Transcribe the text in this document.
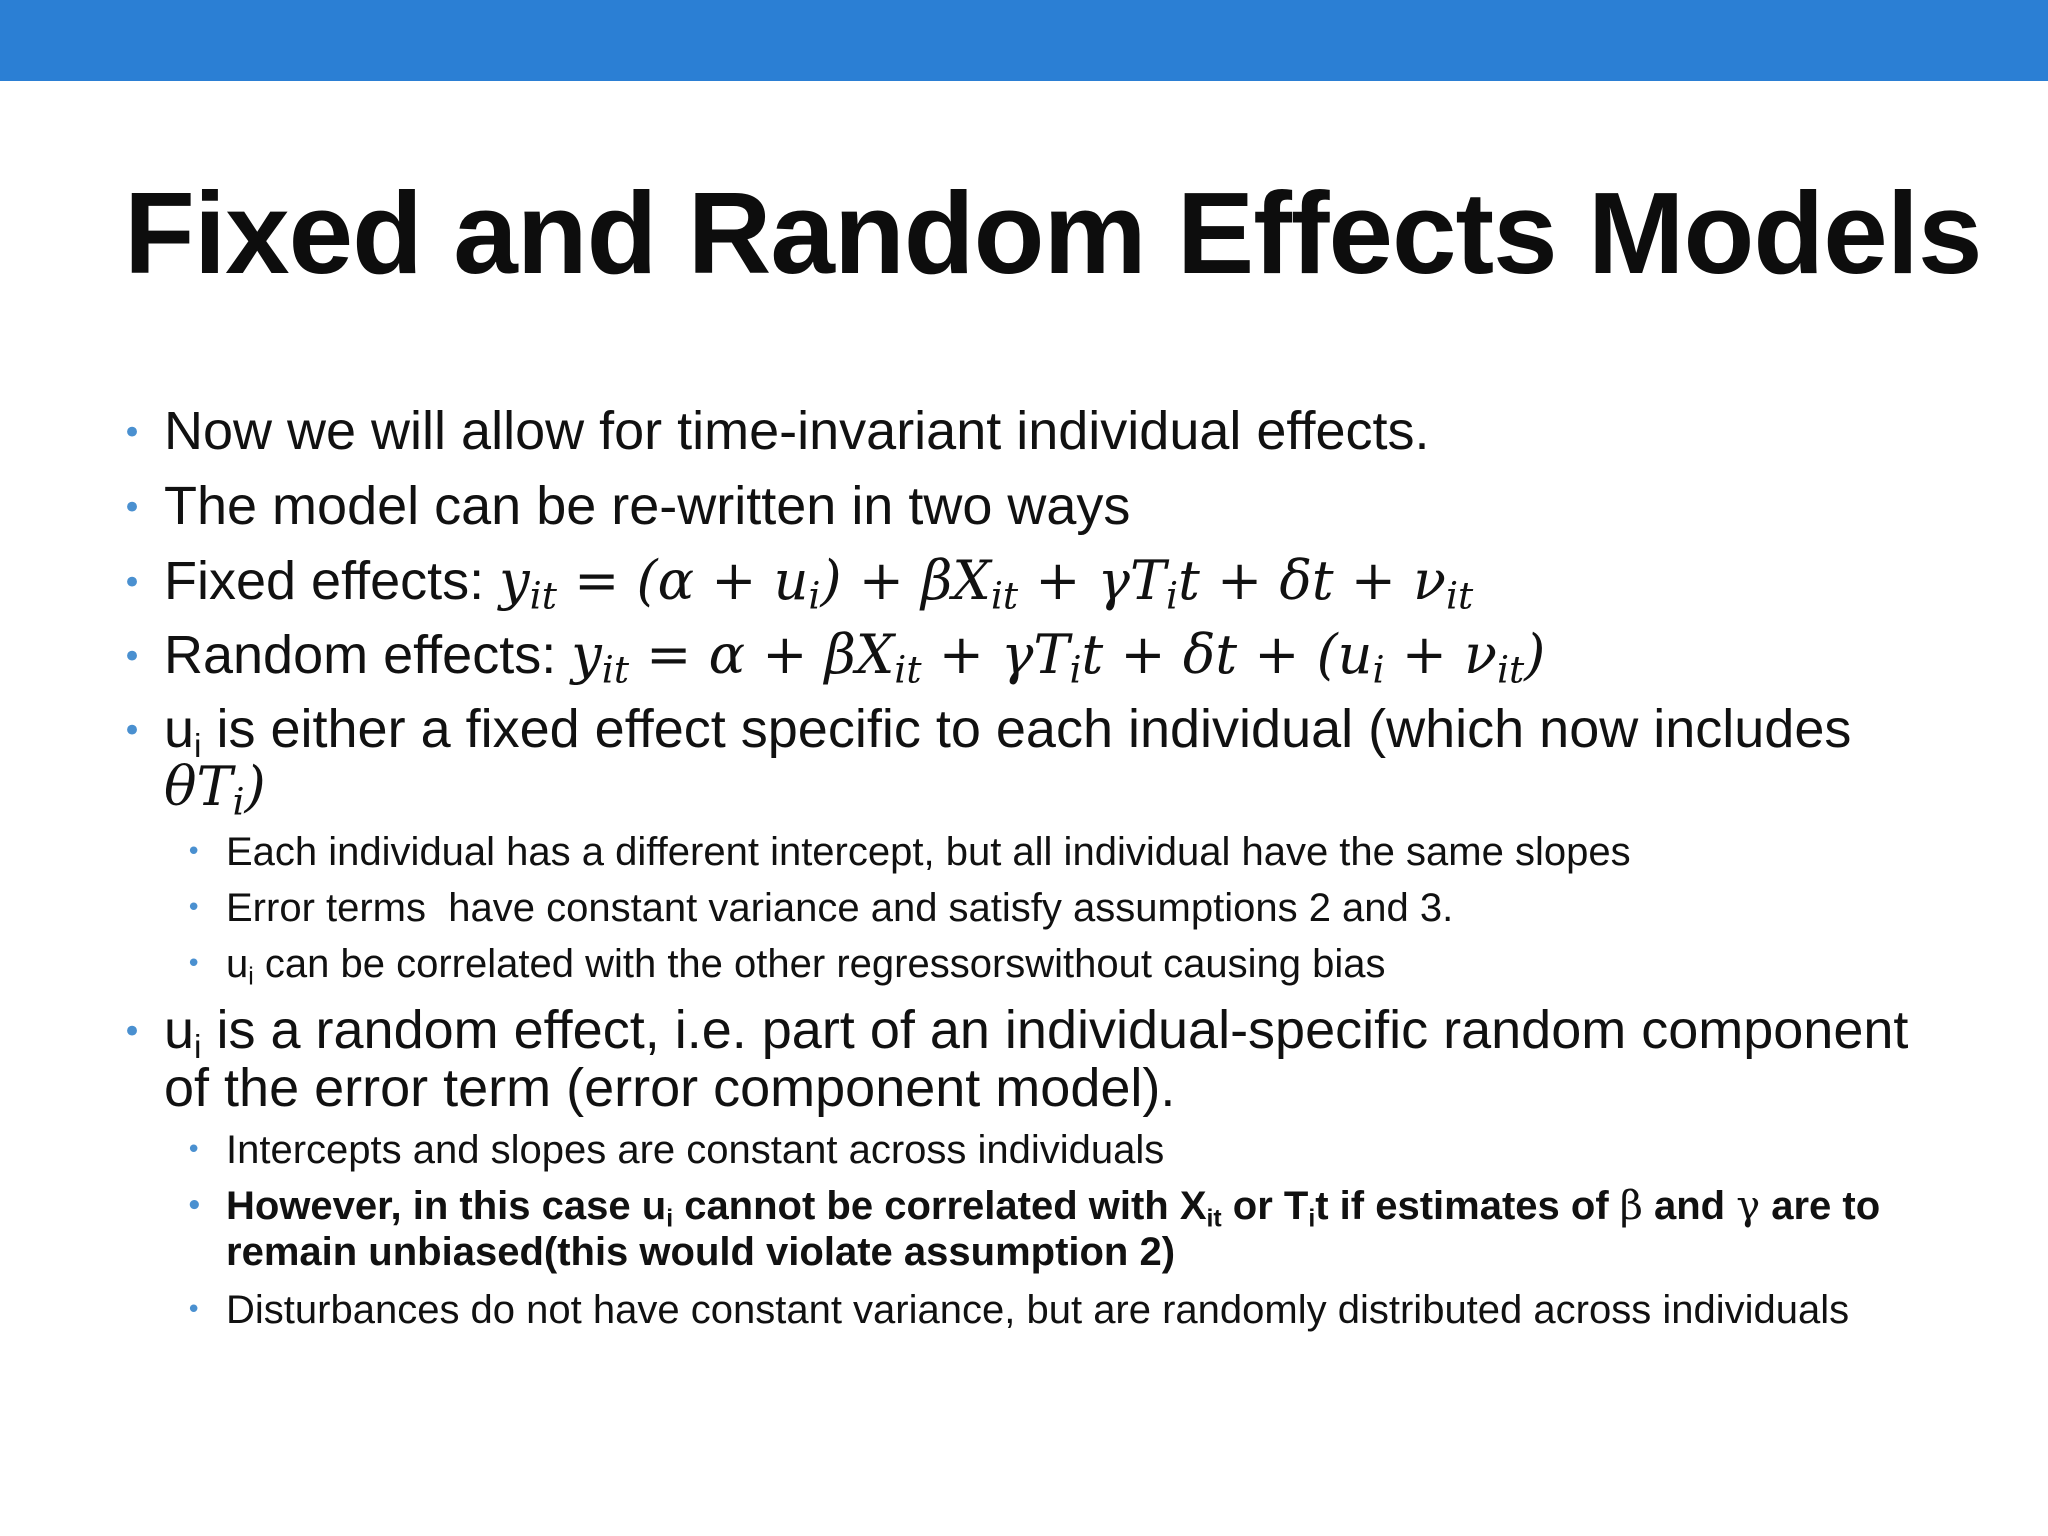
Fixed and Random Effects Models
• Now we will allow for time-invariant individual effects.
• The model can be re-written in two ways
• Fixed effects: $y_{it} = (\alpha + u_i) + \beta X_{it} + \gamma T_it + \delta t + \nu_{it}$
• Random effects: $y_{it} = \alpha + \beta X_{it} + \gamma T_it + \delta t + (u_i + \nu_{it})$
• $u_i$ is either a fixed effect specific to each individual (which now includes
$\theta T_i$)
• Each individual has a different intercept, but all individual have the same slopes
• Error terms  have constant variance and satisfy assumptions 2 and 3.
• $u_i$ can be correlated with the other regressorswithout causing bias
• $u_i$ is a random effect, i.e. part of an individual-specific random component of the error term (error component model).
• Intercepts and slopes are constant across individuals
• However, in this case $u_i$ cannot be correlated with $X_{it}$ or $T_it$ if estimates of β and γ are to remain unbiased(this would violate assumption 2)
• Disturbances do not have constant variance, but are randomly distributed across individuals
